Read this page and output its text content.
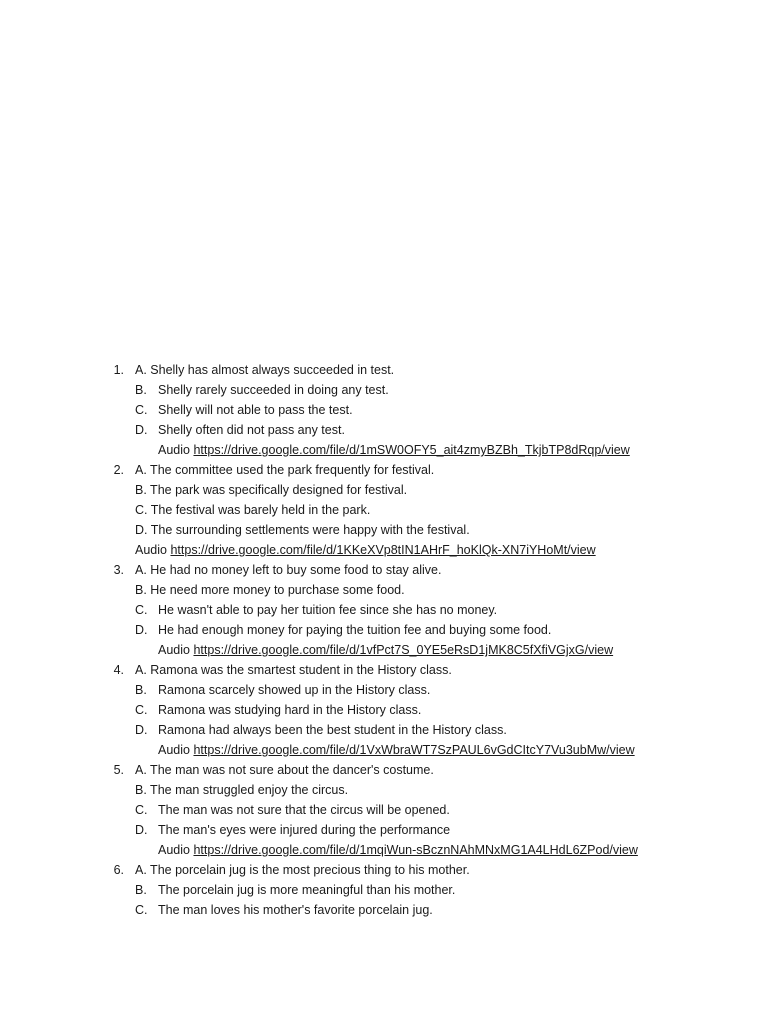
1. A. Shelly has almost always succeeded in test.
B. Shelly rarely succeeded in doing any test.
C. Shelly will not able to pass the test.
D. Shelly often did not pass any test.
Audio https://drive.google.com/file/d/1mSW0OFY5_ait4zmyBZBh_TkjbTP8dRqp/view
2. A. The committee used the park frequently for festival.
B. The park was specifically designed for festival.
C. The festival was barely held in the park.
D. The surrounding settlements were happy with the festival.
Audio https://drive.google.com/file/d/1KKeXVp8tIN1AHrF_hoKlQk-XN7iYHoMt/view
3. A. He had no money left to buy some food to stay alive.
B. He need more money to purchase some food.
C. He wasn't able to pay her tuition fee since she has no money.
D. He had enough money for paying the tuition fee and buying some food.
Audio https://drive.google.com/file/d/1vfPct7S_0YE5eRsD1jMK8C5fXfiVGjxG/view
4. A. Ramona was the smartest student in the History class.
B. Ramona scarcely showed up in the History class.
C. Ramona was studying hard in the History class.
D. Ramona had always been the best student in the History class.
Audio https://drive.google.com/file/d/1VxWbraWT7SzPAUL6vGdCItcY7Vu3ubMw/view
5. A. The man was not sure about the dancer's costume.
B. The man struggled enjoy the circus.
C. The man was not sure that the circus will be opened.
D. The man's eyes were injured during the performance
Audio https://drive.google.com/file/d/1mqiWun-sBcznNAhMNxMG1A4LHdL6ZPod/view
6. A. The porcelain jug is the most precious thing to his mother.
B. The porcelain jug is more meaningful than his mother.
C. The man loves his mother's favorite porcelain jug.
